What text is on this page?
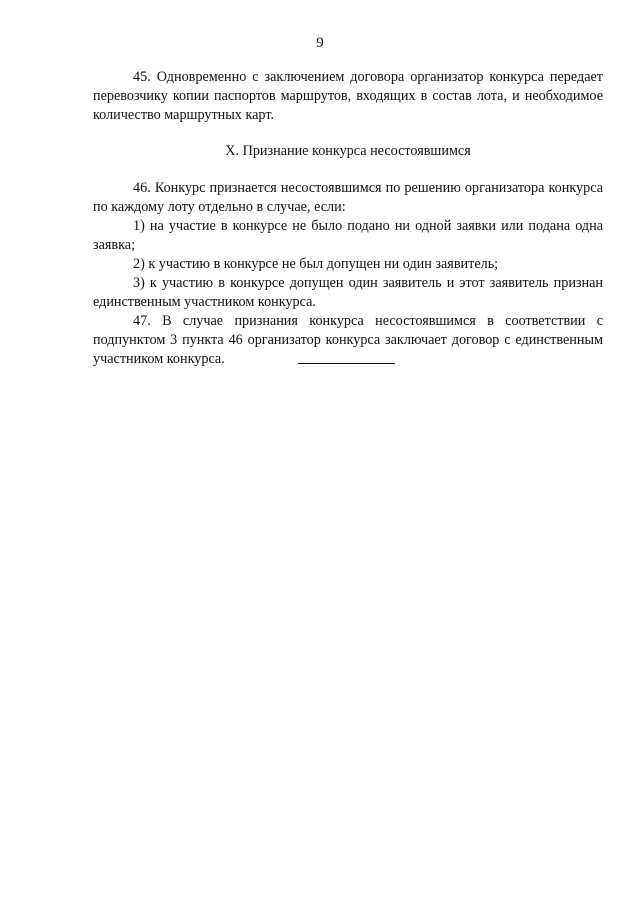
9

45. Одновременно с заключением договора организатор конкурса передает перевозчику копии паспортов маршрутов, входящих в состав лота, и необходимое количество маршрутных карт.

X. Признание конкурса несостоявшимся

46. Конкурс признается несостоявшимся по решению организатора конкурса по каждому лоту отдельно в случае, если:

1) на участие в конкурсе не было подано ни одной заявки или подана одна заявка;

2) к участию в конкурсе не был допущен ни один заявитель;

3) к участию в конкурсе допущен один заявитель и этот заявитель признан единственным участником конкурса.

47. В случае признания конкурса несостоявшимся в соответствии с подпунктом 3 пункта 46 организатор конкурса заключает договор с единственным участником конкурса.
